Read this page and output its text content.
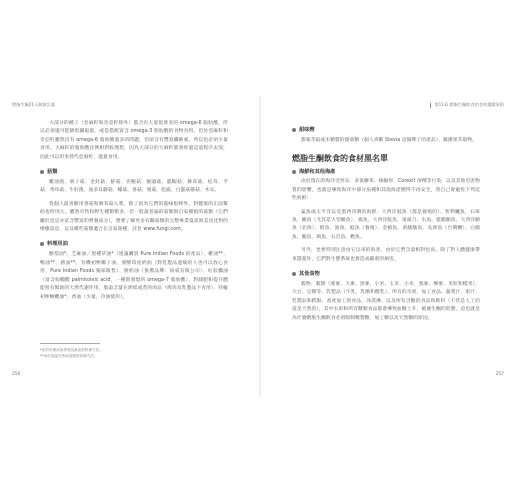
燃脂生酮21天健康計畫

大部分的種子（亞麻籽和奇亞籽除外）都含有大量促發炎的 omega-6 脂肪酸，所以必須適可能降低攝取量，或是搭配富含 omega-3 脂肪酸的食物食用。但於亞麻籽和奇亞籽雖然沒有 omega-6 脂肪酸過多的問題，但卻含有豐富纖維素，所以也必須少量食用。大麻籽的脂肪酸比例相對較理想，因為大部分的大麻籽都會經過這道程序去殼，因此可以用來替代亞麻籽，適量食用。

菇類

雞油菌、栗子菇、金針菇、鮮菇、杏鮑菇、猴頭菇、龍蝦菇、舞茸菇、松茸、平菇、秀珍菇、牛肝菌、波多貝蘑菇、蠔菇、香菇、栗菇、松露、白靈菇蘑菇、木耳。

我個人最喜歡用香菇和舞茸菇入菜，除了因為它們的滋味很棒外，對健康的正面幫助也特別大。雖然市售和野生種類繁多，但一般最普遍的菇類與自家種植的菇類（它們屬於也是亦富含豐富的營養成分），想要了解更多有關菇類的完整專業資訊與美食比對的療癒訊息，以及哪些菇類適合在自家栽種，詳見 www.fungi.com。

料理用油

酪梨油*、芝麻油／黑種草油*（建議購買 Pure Indian Foods 的產品）、雞油**、鴨油**、豬油**、有機初榨椰子油、發酵印度奶油（對乳製品過敏的人也可以放心食用，Pure Indian Foods 獨家販售）、脫奶油（推薦品牌：紐威有限公司）、紅棕櫚油（富含棕櫚酸 palmitoleic acid，一種新發現的 omega-7 脂肪酸）、對減肥和提升體能很有幫助的天然代謝作用，脂溢含量在涉結或煮的肉品（烤肉及乳製品下食用），特級初榨橄欖油*、香油（少量，冷油使用）。

*用於料理或涼拌時為最佳的料理方法。

**用於低溫烹煮或加熱的料理方法。

256
第11章 燃脂生酮飲食的食材選購原則
甜味劑

甜菊萃取或未精製的甜菊糖（個人喜歡 Stevia 這個牌子的產品）、羅漢果萃取物。

燃脂生酮飲食的食材黑名單
海鮮和其他海產

由於現在的海洋受到汞、多氯聯苯、核輻射、Corexit 溶劑等污染，以及其他有害物質的影響，也就是導致海洋中部分魚種和其他海產變得不再安全，我自己會避免下列這些海鮮：

鯊魚或太平洋以及墨西哥灣的海鮮、大西洋鮭魚（都是養殖的）、智利鱸魚、石斑魚、鰆魚（尤其是大型鰆魚）、旗魚、大西洋鮭魚、鬼頭刀、水魚、藍鰭鮪魚、大西洋鯖魚（北海）、鱈魚、油魚、鯰魚（養殖）、金槍魚、黃鰭鮪魚、吳郭魚（台灣鯛）、白鰭魚、鮪魚、劍魚、石首魚、鰹魚。

另外，也要特別注意由它以來的海產，由於它們含量相對也高，除了對人體健康帶來隱憂外，它們對生態系統也會造成嚴重的損害。

其他食物

穀物、穀類（燕麥、大麥、黑麥、小米、玉米、小米、燕麥、藜麥、米粒和糙米）、大豆、豆類等、乳製品（牛乳、乳酪和酸乳）、所有的水果、加工食品、蔬菜汁、果汁、乳製品和糕點、高度加工的食品、冰淇淋、以及所有含糖的食品和飲料（不管是人工的還是天然的），其中水果和所有糖類食品都會導致血糖上升，破壞生酮的狀態，這也就是為什麼燃脂生酮飲食必須限制精製糖、加工糖以及天然糖的原因。

257
